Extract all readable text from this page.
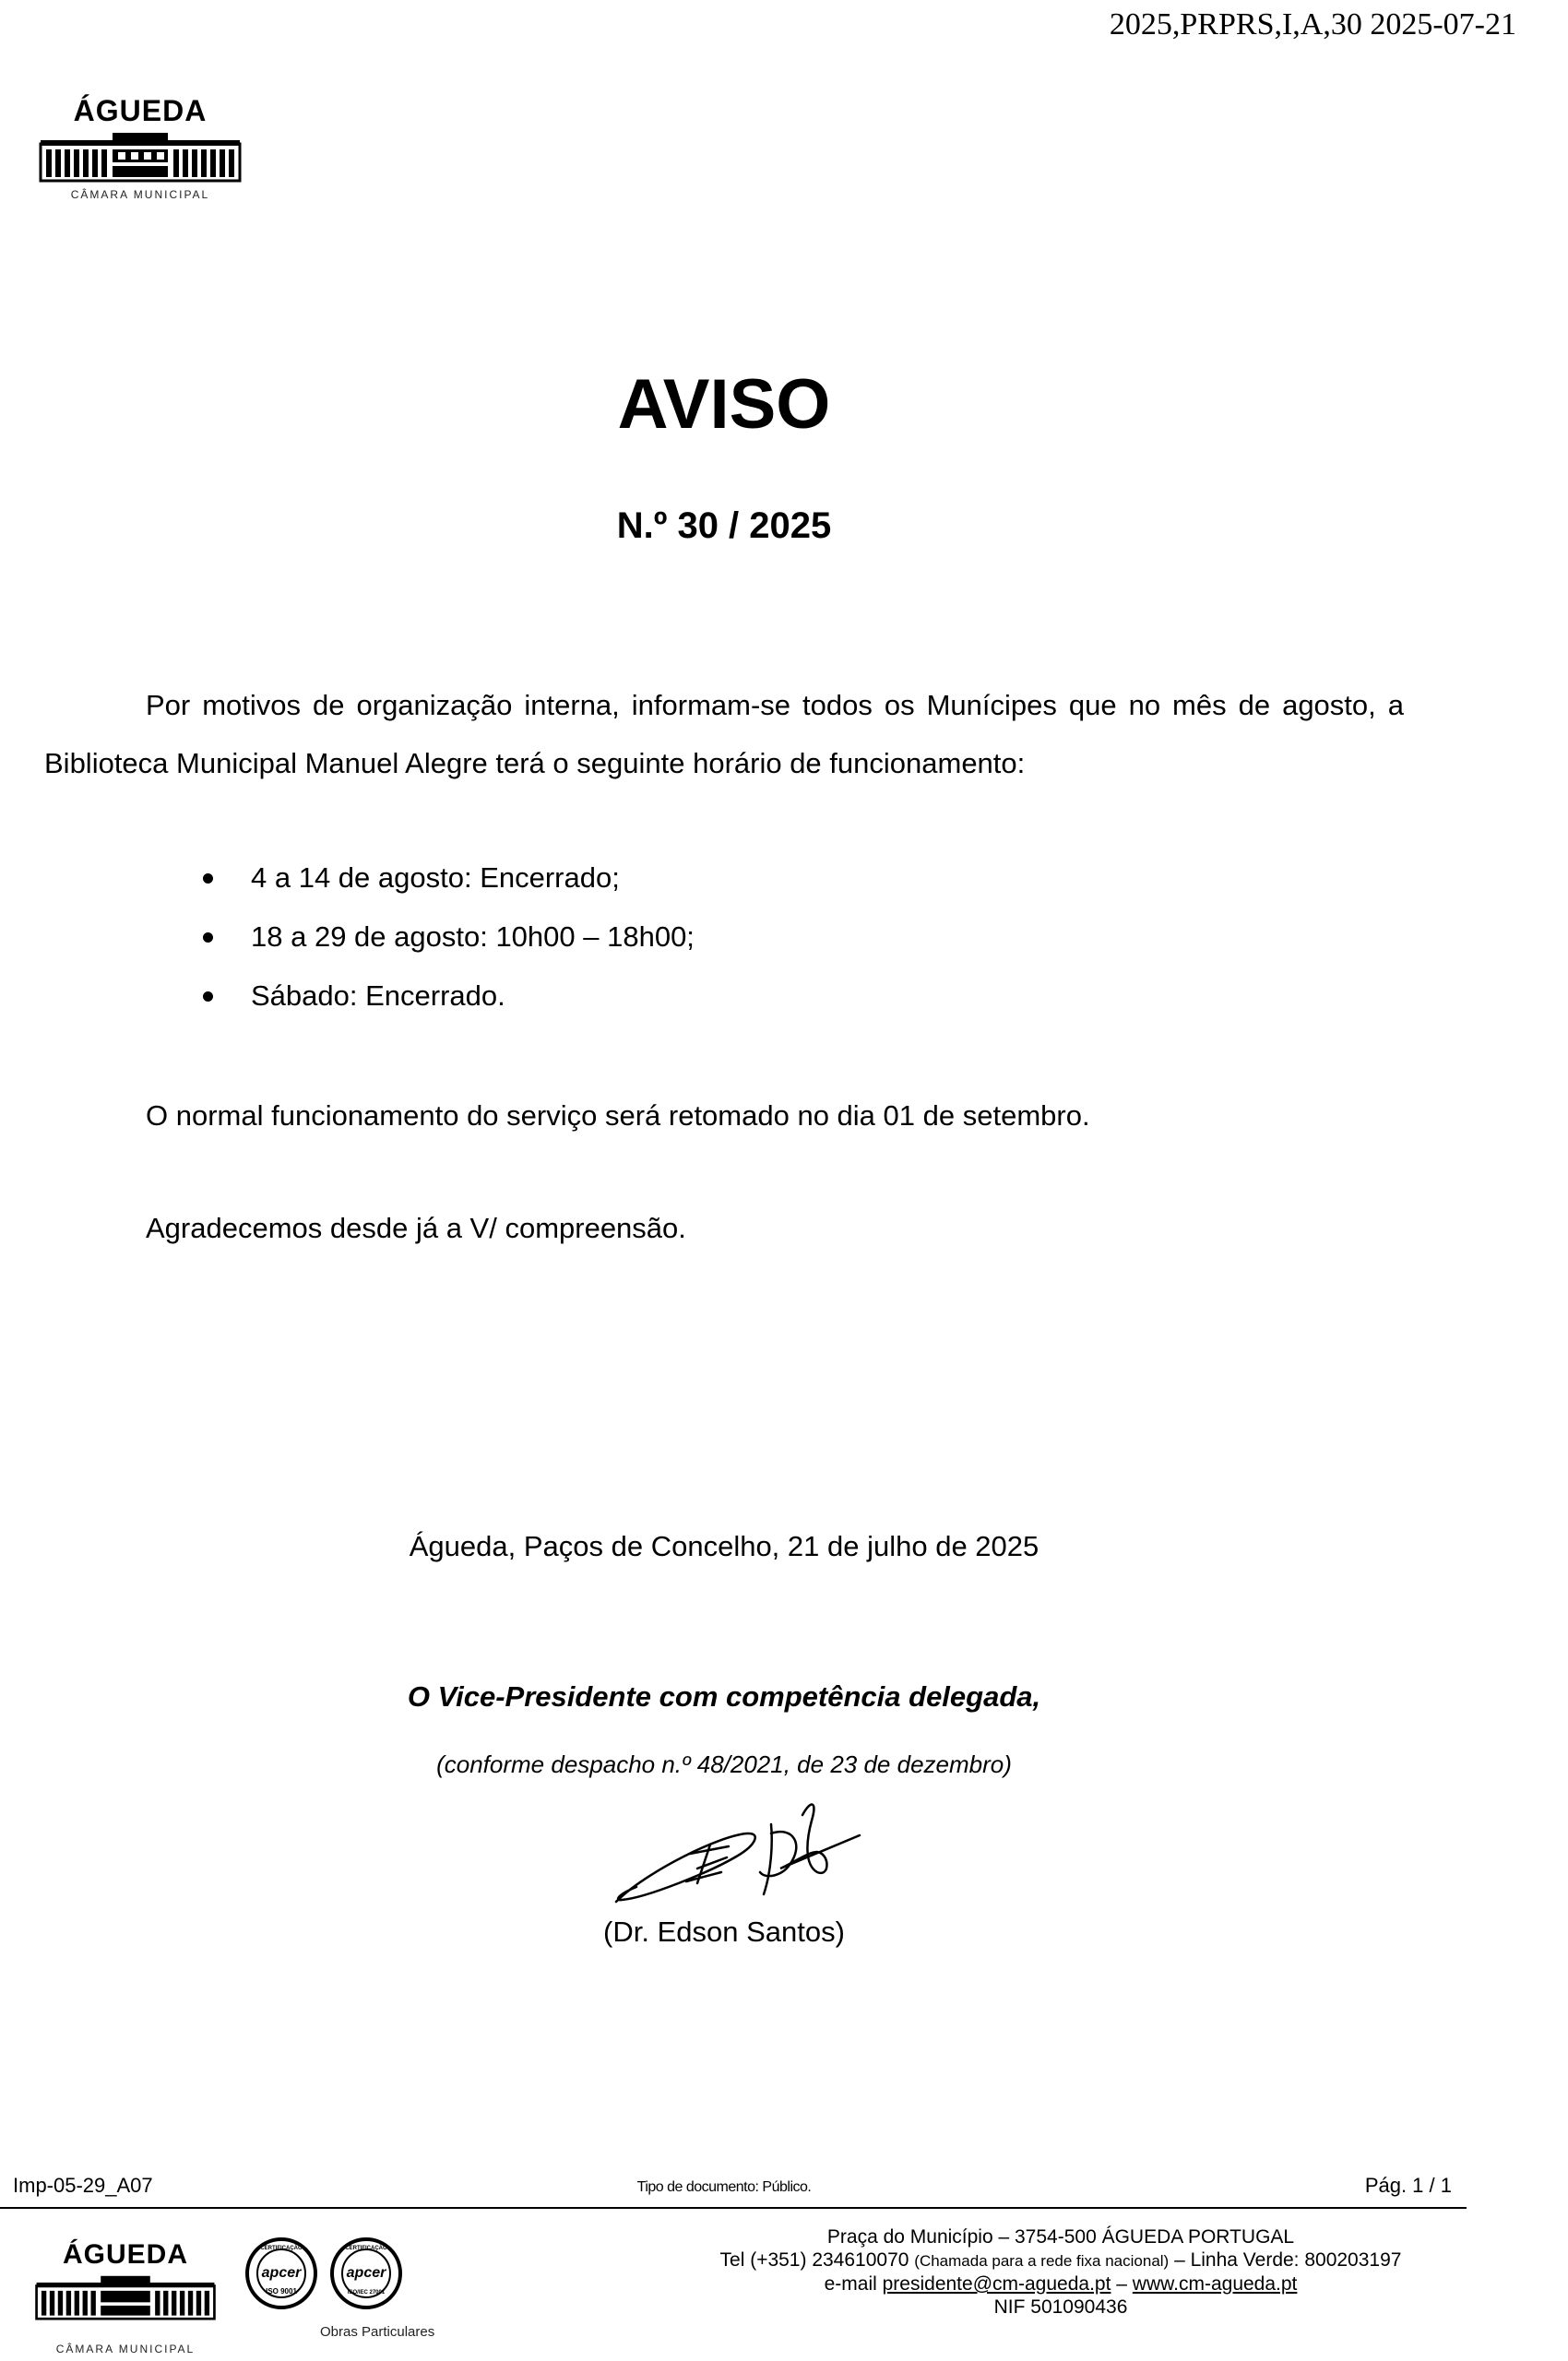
2025,PRPRS,I,A,30 2025-07-21
ÁGUEDA
CÂMARA MUNICIPAL
AVISO
N.º 30 / 2025
Por motivos de organização interna, informam-se todos os Munícipes que no mês de agosto, a Biblioteca Municipal Manuel Alegre terá o seguinte horário de funcionamento:
4 a 14 de agosto: Encerrado;
18 a 29 de agosto: 10h00 – 18h00;
Sábado: Encerrado.
O normal funcionamento do serviço será retomado no dia 01 de setembro.
Agradecemos desde já a V/ compreensão.
Águeda, Paços de Concelho, 21 de julho de 2025
O Vice-Presidente com competência delegada,
(conforme despacho n.º 48/2021, de 23 de dezembro)
(Dr. Edson Santos)
Imp-05-29_A07	Tipo de documento: Público.	Pág. 1 / 1
ÁGUEDA
CÂMARA MUNICIPAL
CERTIFICAÇÃO
apcer
ISO 9001
CERTIFICAÇÃO
apcer
ISO/IEC 27001
Obras Particulares
Praça do Município – 3754-500 ÁGUEDA PORTUGAL
Tel (+351) 234610070 (Chamada para a rede fixa nacional) – Linha Verde: 800203197
e-mail presidente@cm-agueda.pt – www.cm-agueda.pt
NIF 501090436
